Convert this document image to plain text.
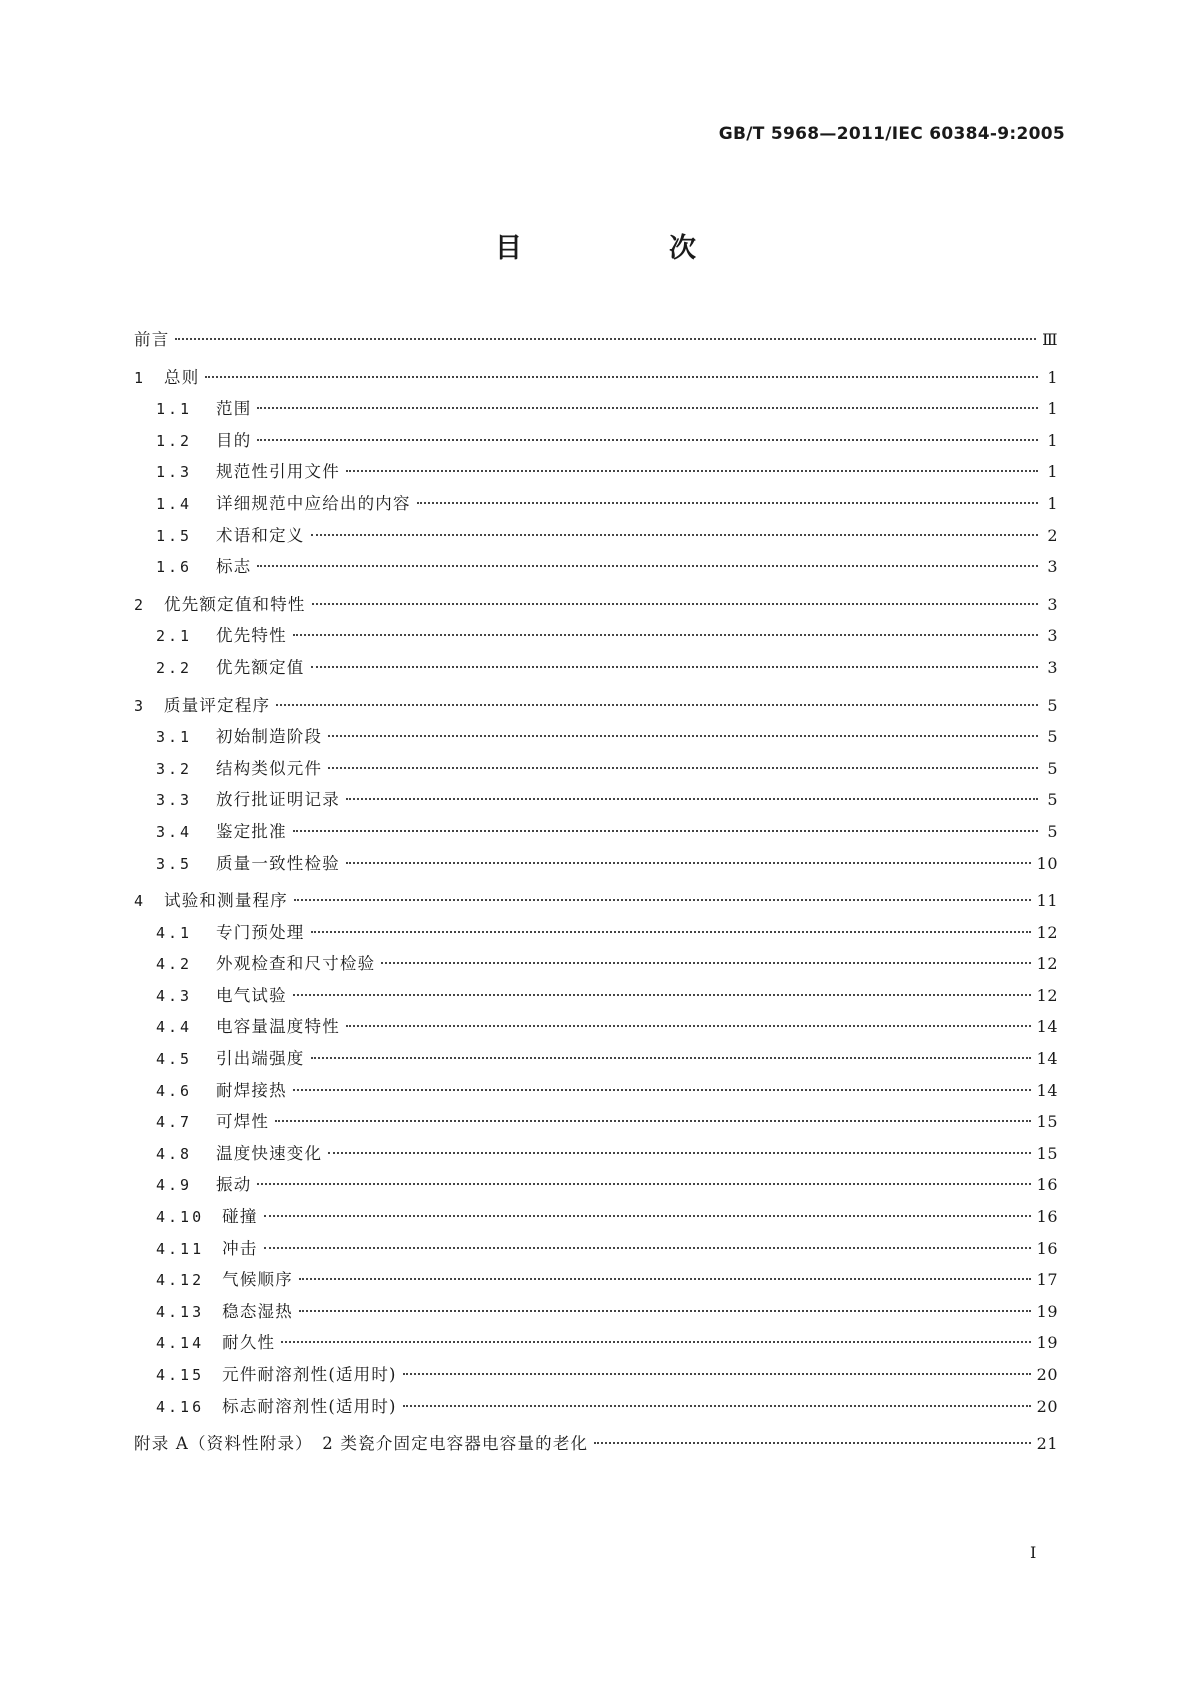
GB/T 5968—2011/IEC 60384-9:2005
目　次
前言	Ⅲ
1	总则	1
1.1	范围	1
1.2	目的	1
1.3	规范性引用文件	1
1.4	详细规范中应给出的内容	1
1.5	术语和定义	2
1.6	标志	3
2	优先额定值和特性	3
2.1	优先特性	3
2.2	优先额定值	3
3	质量评定程序	5
3.1	初始制造阶段	5
3.2	结构类似元件	5
3.3	放行批证明记录	5
3.4	鉴定批准	5
3.5	质量一致性检验	10
4	试验和测量程序	11
4.1	专门预处理	12
4.2	外观检查和尺寸检验	12
4.3	电气试验	12
4.4	电容量温度特性	14
4.5	引出端强度	14
4.6	耐焊接热	14
4.7	可焊性	15
4.8	温度快速变化	15
4.9	振动	16
4.10	碰撞	16
4.11	冲击	16
4.12	气候顺序	17
4.13	稳态湿热	19
4.14	耐久性	19
4.15	元件耐溶剂性(适用时)	20
4.16	标志耐溶剂性(适用时)	20
附录 A（资料性附录）　2 类瓷介固定电容器电容量的老化	21
I
